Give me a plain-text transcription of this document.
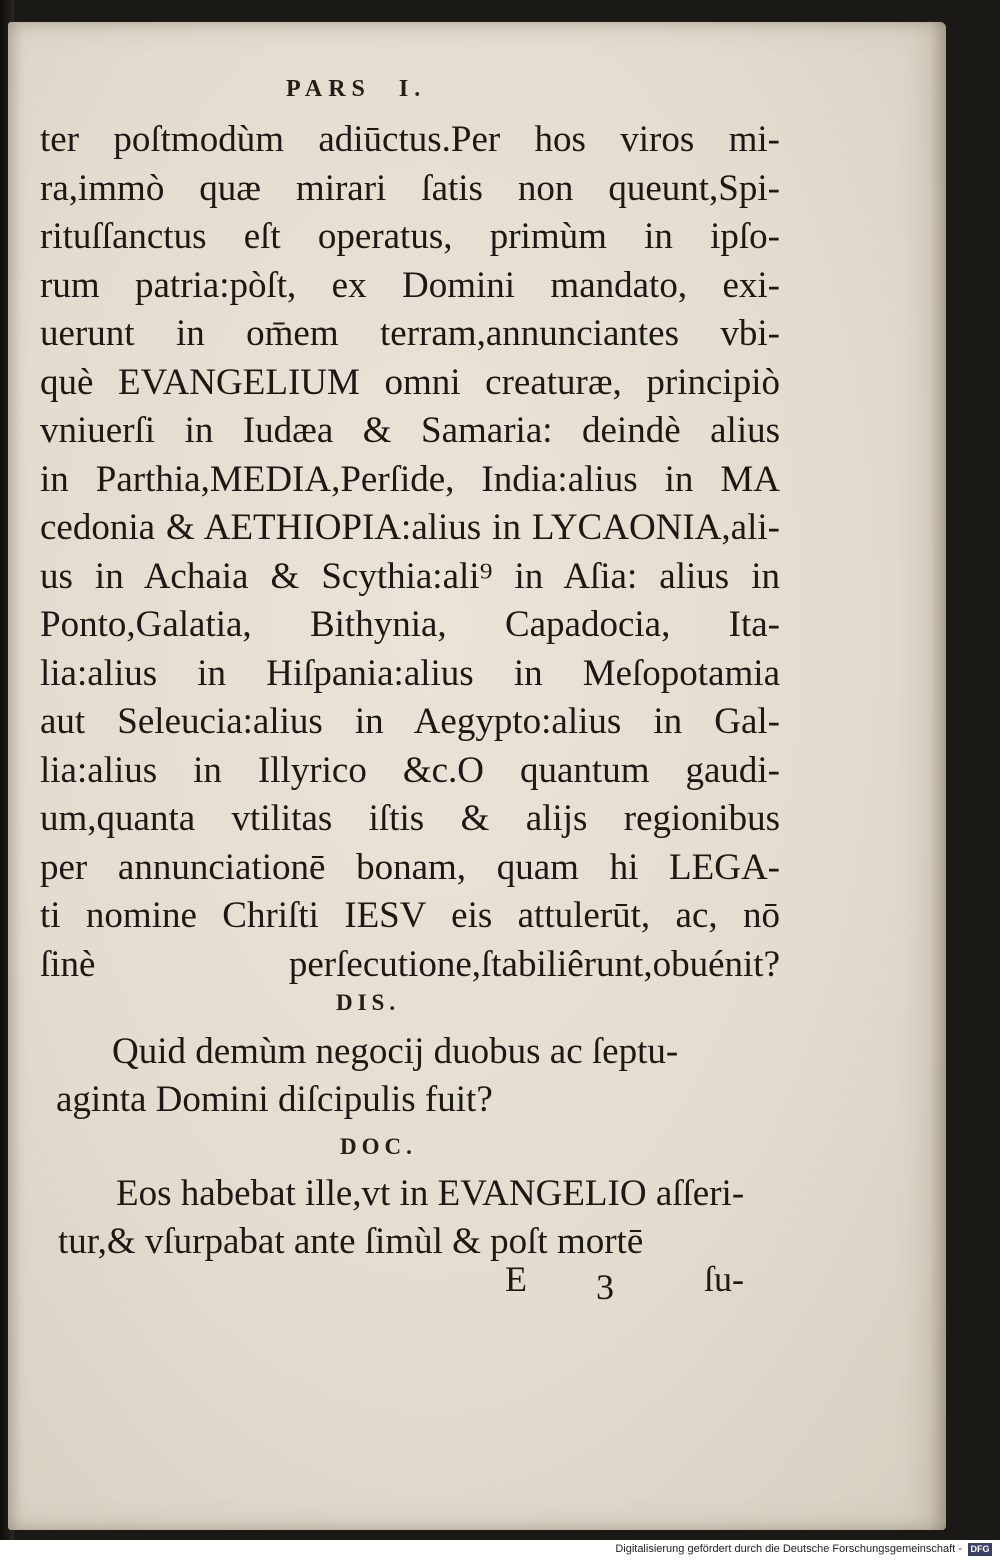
PARS I.
ter poſtmodùm adiūctus.Per hos viros mi-
ra,immò quæ mirari ſatis non queunt,Spi-
rituſſanctus eſt operatus, primùm in ipſo-
rum patria:pòſt, ex Domini mandato, exi-
uerunt in om̄em terram,annunciantes vbi-
què EVANGELIUM omni creaturæ, principiò
vniuerſi in Iudæa & Samaria: deindè alius
in Parthia,MEDIA,Perſide, India:alius in MA
cedonia & AETHIOPIA:alius in LYCAONIA,ali-
us in Achaia & Scythia:ali⁹ in Aſia: alius in
Ponto,Galatia, Bithynia, Capadocia, Ita-
lia:alius in Hiſpania:alius in Meſopotamia
aut Seleucia:alius in Aegypto:alius in Gal-
lia:alius in Illyrico &c.O quantum gaudi-
um,quanta vtilitas iſtis & alijs regionibus
per annunciationē bonam, quam hi LEGA-
ti nomine Chriſti IESV eis attulerūt, ac, nō
ſinè perſecutione,ſtabiliêrunt,obuénit?
DIS.
Quid demùm negocij duobus ac ſeptu-
aginta Domini diſcipulis fuit?
DOC.
Eos habebat ille,vt in EVANGELIO aſſeri-
tur,& vſurpabat ante ſimùl & poſt mortē
E 3	ſu-
Digitalisierung gefördert durch die Deutsche Forschungsgemeinschaft - DFG
